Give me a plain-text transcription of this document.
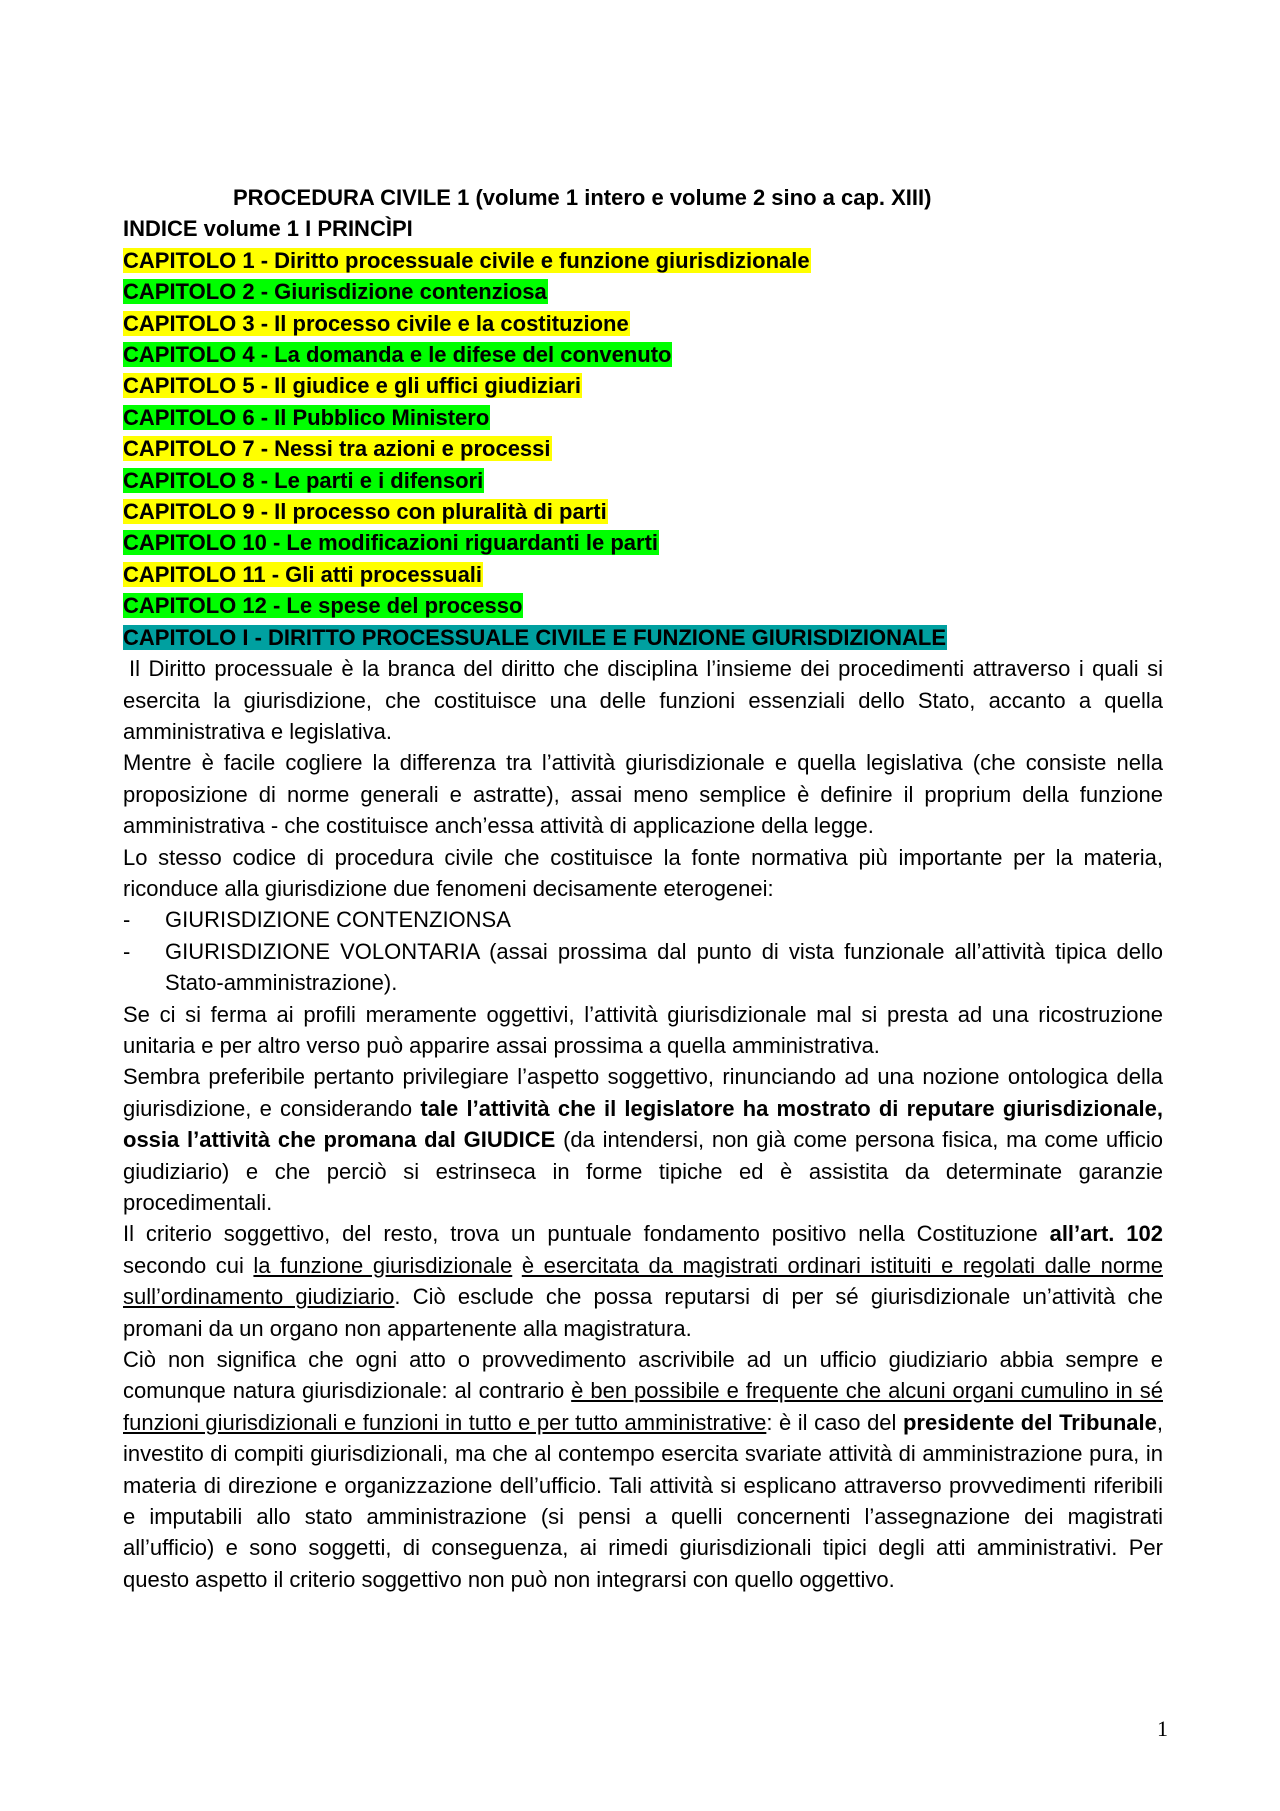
PROCEDURA CIVILE 1 (volume 1 intero e volume 2 sino a cap. XIII)
INDICE volume 1 I PRINCÌPI
CAPITOLO 1 - Diritto processuale civile e funzione giurisdizionale
CAPITOLO 2 - Giurisdizione contenziosa
CAPITOLO 3 - Il processo civile e la costituzione
CAPITOLO 4 - La domanda e le difese del convenuto
CAPITOLO 5 - Il giudice e gli uffici giudiziari
CAPITOLO 6 - Il Pubblico Ministero
CAPITOLO 7 - Nessi tra azioni e processi
CAPITOLO 8 - Le parti e i difensori
CAPITOLO 9 - Il processo con pluralità di parti
CAPITOLO 10 - Le modificazioni riguardanti le parti
CAPITOLO 11 - Gli atti processuali
CAPITOLO 12 - Le spese del processo
CAPITOLO I - DIRITTO PROCESSUALE CIVILE E FUNZIONE GIURISDIZIONALE

Il Diritto processuale è la branca del diritto che disciplina l’insieme dei procedimenti attraverso i quali si esercita la giurisdizione, che costituisce una delle funzioni essenziali dello Stato, accanto a quella amministrativa e legislativa.

Mentre è facile cogliere la differenza tra l’attività giurisdizionale e quella legislativa (che consiste nella proposizione di norme generali e astratte), assai meno semplice è definire il proprium della funzione amministrativa - che costituisce anch’essa attività di applicazione della legge.

Lo stesso codice di procedura civile che costituisce la fonte normativa più importante per la materia, riconduce alla giurisdizione due fenomeni decisamente eterogenei:

- GIURISDIZIONE CONTENZIONSA
- GIURISDIZIONE VOLONTARIA (assai prossima dal punto di vista funzionale all’attività tipica dello Stato-amministrazione).

Se ci si ferma ai profili meramente oggettivi, l’attività giurisdizionale mal si presta ad una ricostruzione unitaria e per altro verso può apparire assai prossima a quella amministrativa.

Sembra preferibile pertanto privilegiare l’aspetto soggettivo, rinunciando ad una nozione ontologica della giurisdizione, e considerando tale l’attività che il legislatore ha mostrato di reputare giurisdizionale, ossia l’attività che promana dal GIUDICE (da intendersi, non già come persona fisica, ma come ufficio giudiziario) e che perciò si estrinseca in forme tipiche ed è assistita da determinate garanzie procedimentali.

Il criterio soggettivo, del resto, trova un puntuale fondamento positivo nella Costituzione all’art. 102 secondo cui la funzione giurisdizionale è esercitata da magistrati ordinari istituiti e regolati dalle norme sull’ordinamento giudiziario. Ciò esclude che possa reputarsi di per sé giurisdizionale un’attività che promani da un organo non appartenente alla magistratura.

Ciò non significa che ogni atto o provvedimento ascrivibile ad un ufficio giudiziario abbia sempre e comunque natura giurisdizionale: al contrario è ben possibile e frequente che alcuni organi cumulino in sé funzioni giurisdizionali e funzioni in tutto e per tutto amministrative: è il caso del presidente del Tribunale, investito di compiti giurisdizionali, ma che al contempo esercita svariate attività di amministrazione pura, in materia di direzione e organizzazione dell’ufficio. Tali attività si esplicano attraverso provvedimenti riferibili e imputabili allo stato amministrazione (si pensi a quelli concernenti l’assegnazione dei magistrati all’ufficio) e sono soggetti, di conseguenza, ai rimedi giurisdizionali tipici degli atti amministrativi. Per questo aspetto il criterio soggettivo non può non integrarsi con quello oggettivo.

1
